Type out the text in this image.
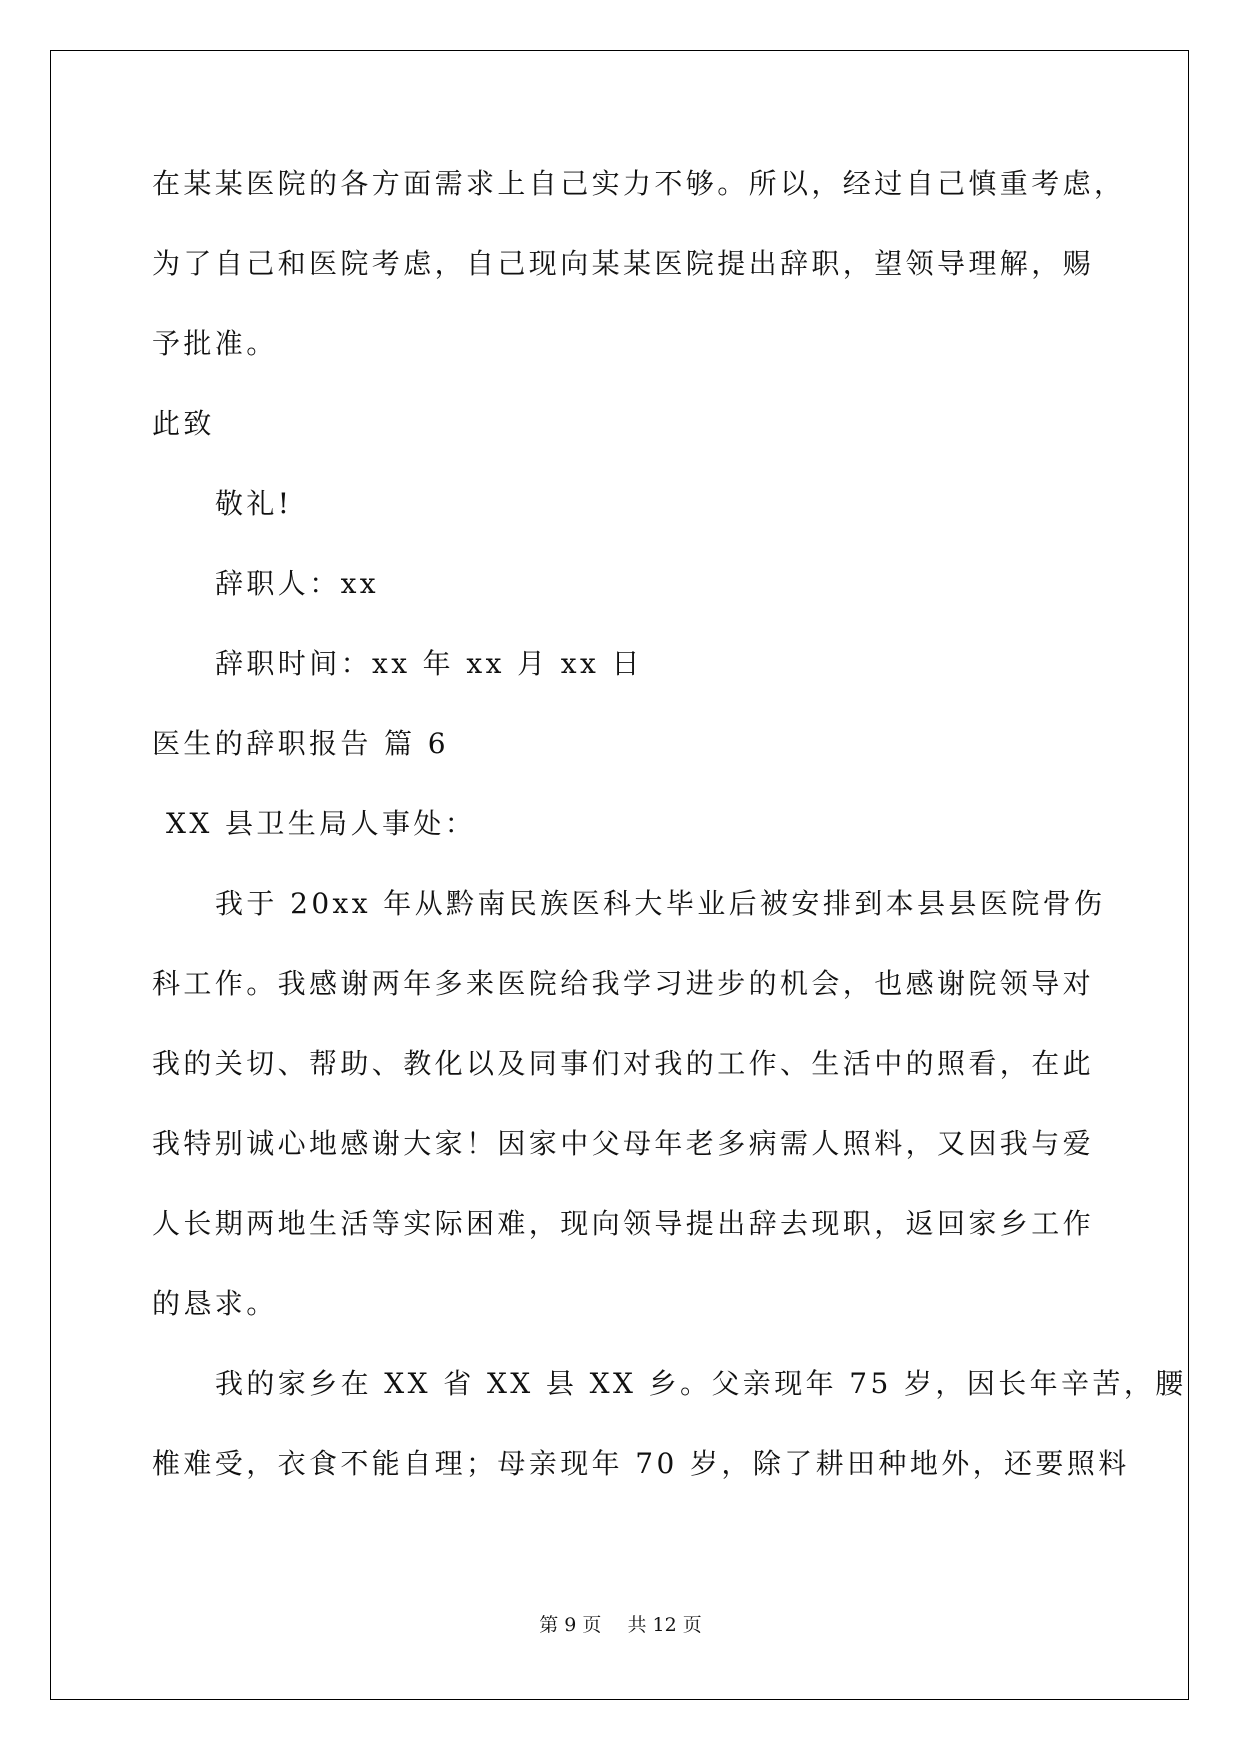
在某某医院的各方面需求上自己实力不够。所以，经过自己慎重考虑，
为了自己和医院考虑，自己现向某某医院提出辞职，望领导理解，赐
予批准。
此致
敬礼!
辞职人：xx
辞职时间：xx 年 xx 月 xx 日
医生的辞职报告 篇 6
XX 县卫生局人事处：
我于 20xx 年从黔南民族医科大毕业后被安排到本县县医院骨伤
科工作。我感谢两年多来医院给我学习进步的机会，也感谢院领导对
我的关切、帮助、教化以及同事们对我的工作、生活中的照看，在此
我特别诚心地感谢大家！因家中父母年老多病需人照料，又因我与爱
人长期两地生活等实际困难，现向领导提出辞去现职，返回家乡工作
的恳求。
我的家乡在 XX 省 XX 县 XX 乡。父亲现年 75 岁，因长年辛苦，腰
椎难受，衣食不能自理；母亲现年 70 岁，除了耕田种地外，还要照料
第 9 页 共 12 页
